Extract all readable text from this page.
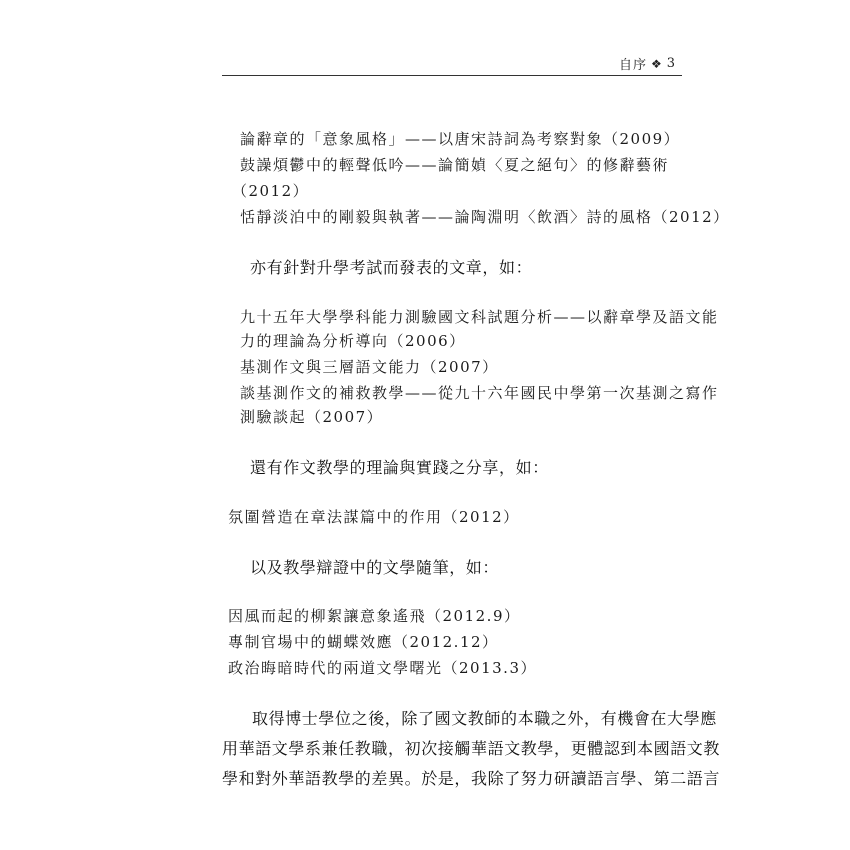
自序 ❖ 3
論辭章的「意象風格」——以唐宋詩詞為考察對象（2009）
鼓譟煩鬱中的輕聲低吟——論簡媜〈夏之絕句〉的修辭藝術
（2012）
恬靜淡泊中的剛毅與執著——論陶淵明〈飲酒〉詩的風格（2012）
亦有針對升學考試而發表的文章，如：
九十五年大學學科能力測驗國文科試題分析——以辭章學及語文能
力的理論為分析導向（2006）
基測作文與三層語文能力（2007）
談基測作文的補救教學——從九十六年國民中學第一次基測之寫作
測驗談起（2007）
還有作文教學的理論與實踐之分享，如：
氛圍營造在章法謀篇中的作用（2012）
以及教學辯證中的文學隨筆，如：
因風而起的柳絮讓意象遙飛（2012.9）
專制官場中的蝴蝶效應（2012.12）
政治晦暗時代的兩道文學曙光（2013.3）
取得博士學位之後，除了國文教師的本職之外，有機會在大學應
用華語文學系兼任教職，初次接觸華語文教學，更體認到本國語文教
學和對外華語教學的差異。於是，我除了努力研讀語言學、第二語言
